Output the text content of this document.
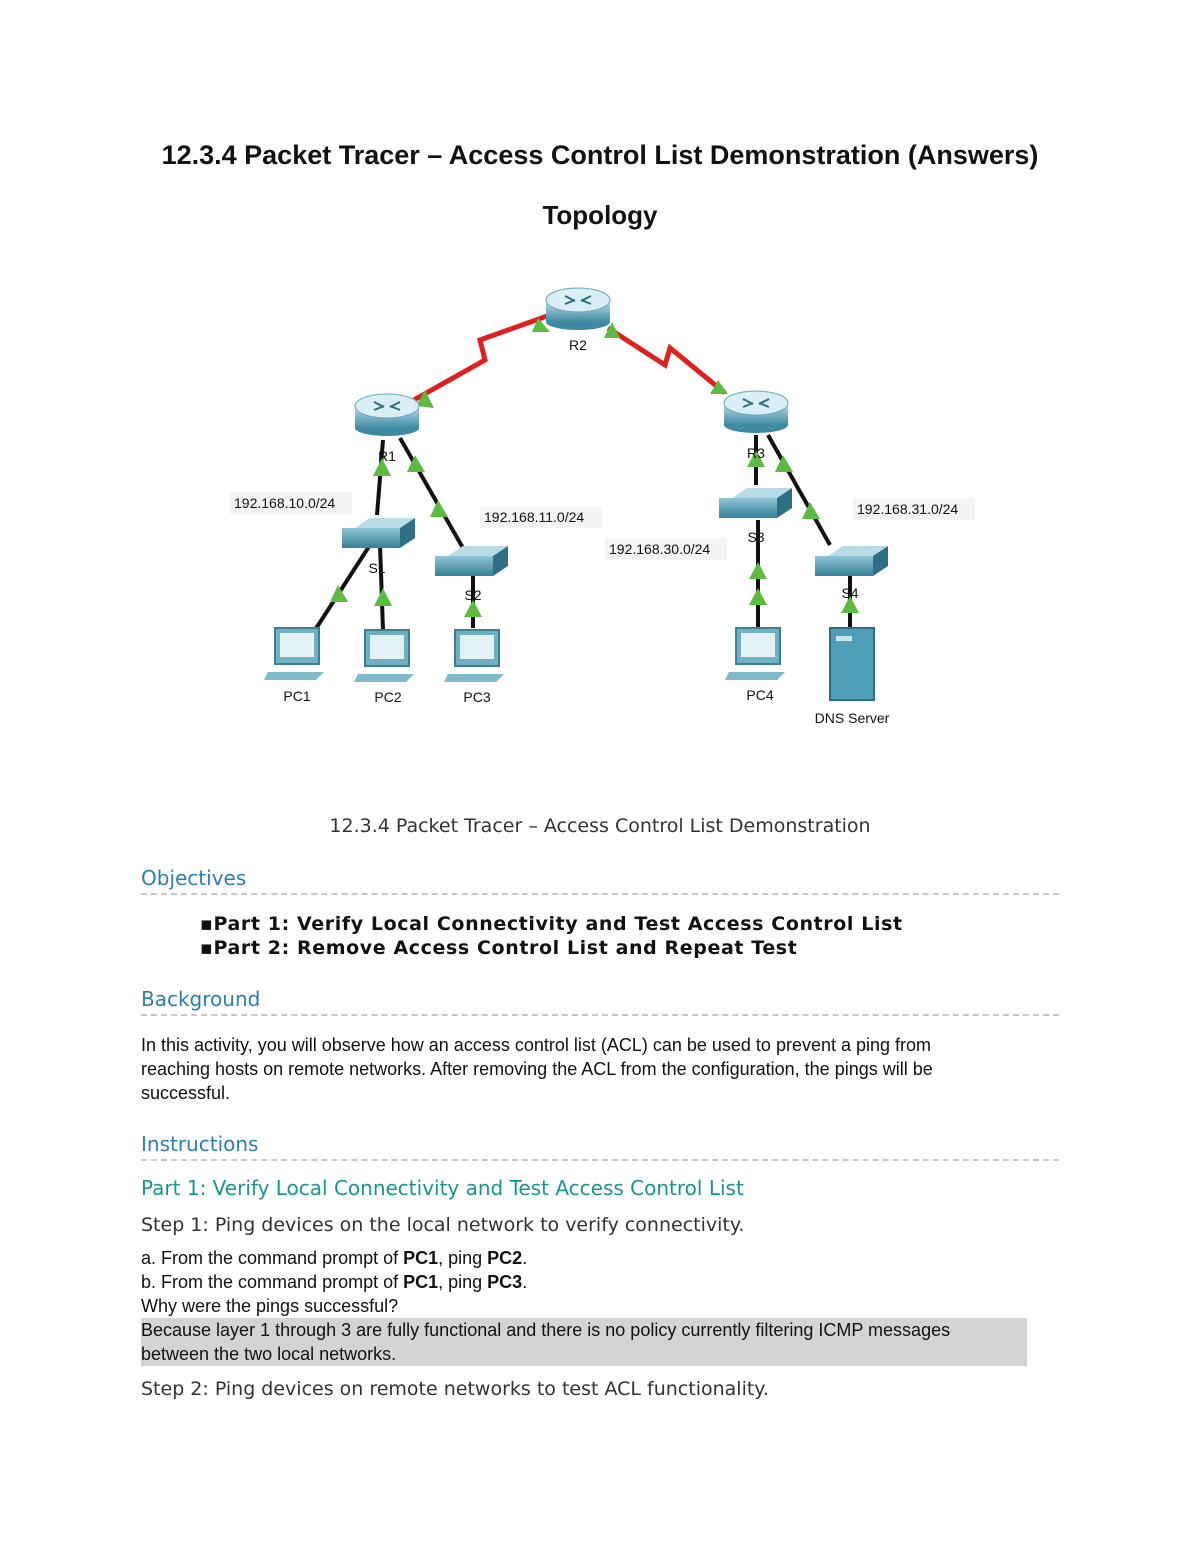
12.3.4 Packet Tracer – Access Control List Demonstration (Answers)
Topology
R2
R1	R3
S1
S2
S3
S4
PC1	PC2	PC3	PC4
DNS Server
192.168.10.0/24
192.168.11.0/24
192.168.30.0/24
192.168.31.0/24
12.3.4 Packet Tracer – Access Control List Demonstration
Objectives
▪Part 1: Verify Local Connectivity and Test Access Control List
▪Part 2: Remove Access Control List and Repeat Test
Background
In this activity, you will observe how an access control list (ACL) can be used to prevent a ping from
reaching hosts on remote networks. After removing the ACL from the configuration, the pings will be
successful.
Instructions
Part 1: Verify Local Connectivity and Test Access Control List
Step 1: Ping devices on the local network to verify connectivity.
a. From the command prompt of PC1, ping PC2.
b. From the command prompt of PC1, ping PC3.
Why were the pings successful?
Because layer 1 through 3 are fully functional and there is no policy currently filtering ICMP messages
between the two local networks.
Step 2: Ping devices on remote networks to test ACL functionality.
